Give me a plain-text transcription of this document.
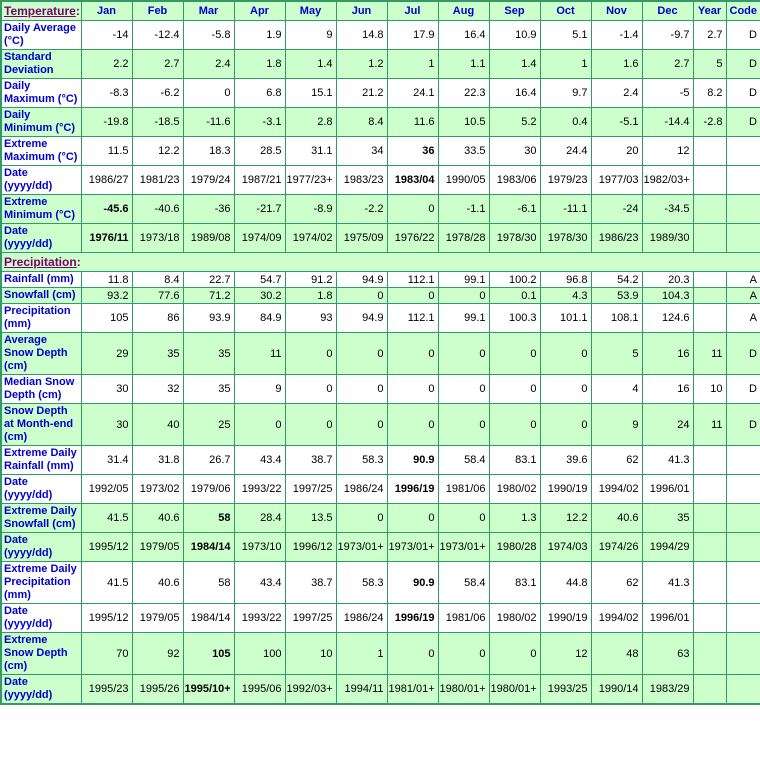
Temperature:	Jan	Feb	Mar	Apr	May	Jun	Jul	Aug	Sep	Oct	Nov	Dec	Year	Code
Daily Average (°C)	-14	-12.4	-5.8	1.9	9	14.8	17.9	16.4	10.9	5.1	-1.4	-9.7	2.7	D
Standard Deviation	2.2	2.7	2.4	1.8	1.4	1.2	1	1.1	1.4	1	1.6	2.7	5	D
Daily Maximum (°C)	-8.3	-6.2	0	6.8	15.1	21.2	24.1	22.3	16.4	9.7	2.4	-5	8.2	D
Daily Minimum (°C)	-19.8	-18.5	-11.6	-3.1	2.8	8.4	11.6	10.5	5.2	0.4	-5.1	-14.4	-2.8	D
Extreme Maximum (°C)	11.5	12.2	18.3	28.5	31.1	34	36	33.5	30	24.4	20	12		
Date (yyyy/dd)	1986/27	1981/23	1979/24	1987/21	1977/23+	1983/23	1983/04	1990/05	1983/06	1979/23	1977/03	1982/03+		
Extreme Minimum (°C)	-45.6	-40.6	-36	-21.7	-8.9	-2.2	0	-1.1	-6.1	-11.1	-24	-34.5		
Date (yyyy/dd)	1976/11	1973/18	1989/08	1974/09	1974/02	1975/09	1976/22	1978/28	1978/30	1978/30	1986/23	1989/30		
Precipitation:														
Rainfall (mm)	11.8	8.4	22.7	54.7	91.2	94.9	112.1	99.1	100.2	96.8	54.2	20.3		A
Snowfall (cm)	93.2	77.6	71.2	30.2	1.8	0	0	0	0.1	4.3	53.9	104.3		A
Precipitation (mm)	105	86	93.9	84.9	93	94.9	112.1	99.1	100.3	101.1	108.1	124.6		A
Average Snow Depth (cm)	29	35	35	11	0	0	0	0	0	0	5	16	11	D
Median Snow Depth (cm)	30	32	35	9	0	0	0	0	0	0	4	16	10	D
Snow Depth at Month-end (cm)	30	40	25	0	0	0	0	0	0	0	9	24	11	D
Extreme Daily Rainfall (mm)	31.4	31.8	26.7	43.4	38.7	58.3	90.9	58.4	83.1	39.6	62	41.3		
Date (yyyy/dd)	1992/05	1973/02	1979/06	1993/22	1997/25	1986/24	1996/19	1981/06	1980/02	1990/19	1994/02	1996/01		
Extreme Daily Snowfall (cm)	41.5	40.6	58	28.4	13.5	0	0	0	1.3	12.2	40.6	35		
Date (yyyy/dd)	1995/12	1979/05	1984/14	1973/10	1996/12	1973/01+	1973/01+	1973/01+	1980/28	1974/03	1974/26	1994/29		
Extreme Daily Precipitation (mm)	41.5	40.6	58	43.4	38.7	58.3	90.9	58.4	83.1	44.8	62	41.3		
Date (yyyy/dd)	1995/12	1979/05	1984/14	1993/22	1997/25	1986/24	1996/19	1981/06	1980/02	1990/19	1994/02	1996/01		
Extreme Snow Depth (cm)	70	92	105	100	10	1	0	0	0	12	48	63		
Date (yyyy/dd)	1995/23	1995/26	1995/10+	1995/06	1992/03+	1994/11	1981/01+	1980/01+	1980/01+	1993/25	1990/14	1983/29		
